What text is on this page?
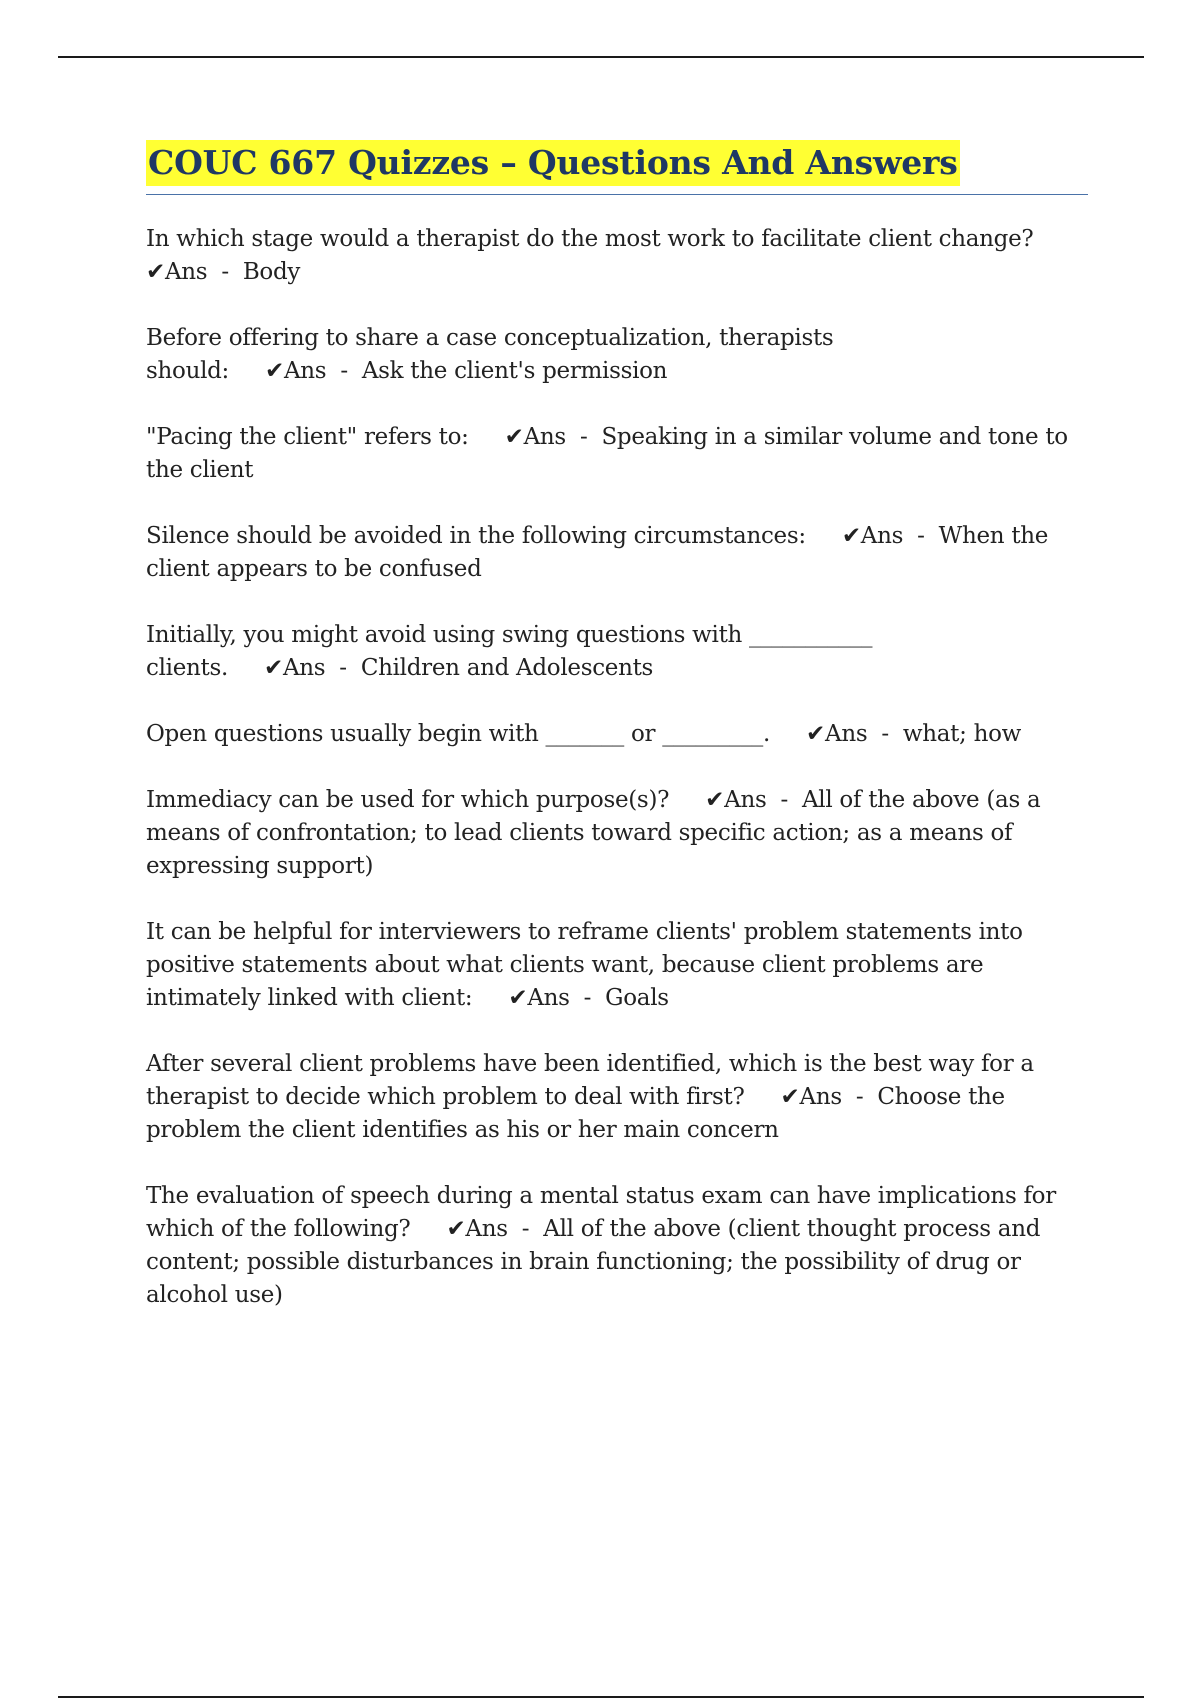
COUC 667 Quizzes – Questions And Answers

In which stage would a therapist do the most work to facilitate client change?✔Ans  -  Body

Before offering to share a case conceptualization, therapists should: ✔Ans  -  Ask the client's permission

"Pacing the client" refers to: ✔Ans  -  Speaking in a similar volume and tone to the client

Silence should be avoided in the following circumstances: ✔Ans  -  When the client appears to be confused

Initially, you might avoid using swing questions with ___________ clients. ✔Ans  -  Children and Adolescents

Open questions usually begin with _______ or _________. ✔Ans  -  what; how

Immediacy can be used for which purpose(s)? ✔Ans  -  All of the above (as a means of confrontation; to lead clients toward specific action; as a means of expressing support)

It can be helpful for interviewers to reframe clients' problem statements into positive statements about what clients want, because client problems are intimately linked with client: ✔Ans  -  Goals

After several client problems have been identified, which is the best way for a therapist to decide which problem to deal with first? ✔Ans  -  Choose the problem the client identifies as his or her main concern

The evaluation of speech during a mental status exam can have implications for which of the following? ✔Ans  -  All of the above (client thought process and content; possible disturbances in brain functioning; the possibility of drug or alcohol use)
